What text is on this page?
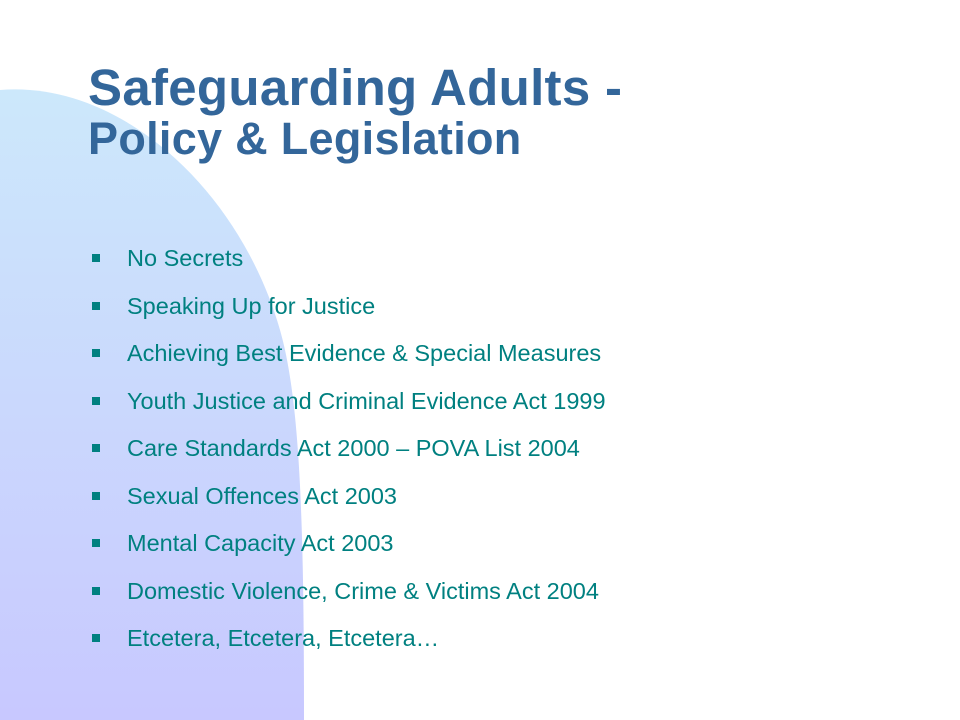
Safeguarding Adults -
Policy & Legislation
No Secrets
Speaking Up for Justice
Achieving Best Evidence & Special Measures
Youth Justice and Criminal Evidence Act 1999
Care Standards Act 2000 – POVA List 2004
Sexual Offences Act 2003
Mental Capacity Act 2003
Domestic Violence, Crime & Victims Act 2004
Etcetera, Etcetera, Etcetera…
